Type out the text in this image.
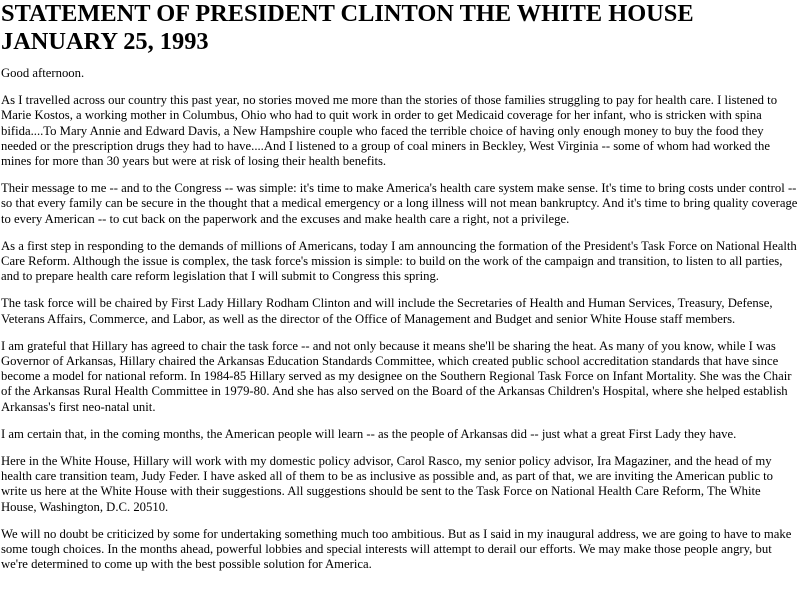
STATEMENT OF PRESIDENT CLINTON THE WHITE HOUSE JANUARY 25, 1993

Good afternoon.

As I travelled across our country this past year, no stories moved me more than the stories of those families struggling to pay for health care. I listened to Marie Kostos, a working mother in Columbus, Ohio who had to quit work in order to get Medicaid coverage for her infant, who is stricken with spina bifida....To Mary Annie and Edward Davis, a New Hampshire couple who faced the terrible choice of having only enough money to buy the food they needed or the prescription drugs they had to have....And I listened to a group of coal miners in Beckley, West Virginia -- some of whom had worked the mines for more than 30 years but were at risk of losing their health benefits.

Their message to me -- and to the Congress -- was simple: it's time to make America's health care system make sense. It's time to bring costs under control -- so that every family can be secure in the thought that a medical emergency or a long illness will not mean bankruptcy. And it's time to bring quality coverage to every American -- to cut back on the paperwork and the excuses and make health care a right, not a privilege.

As a first step in responding to the demands of millions of Americans, today I am announcing the formation of the President's Task Force on National Health Care Reform. Although the issue is complex, the task force's mission is simple: to build on the work of the campaign and transition, to listen to all parties, and to prepare health care reform legislation that I will submit to Congress this spring.

The task force will be chaired by First Lady Hillary Rodham Clinton and will include the Secretaries of Health and Human Services, Treasury, Defense, Veterans Affairs, Commerce, and Labor, as well as the director of the Office of Management and Budget and senior White House staff members.

I am grateful that Hillary has agreed to chair the task force -- and not only because it means she'll be sharing the heat. As many of you know, while I was Governor of Arkansas, Hillary chaired the Arkansas Education Standards Committee, which created public school accreditation standards that have since become a model for national reform. In 1984-85 Hillary served as my designee on the Southern Regional Task Force on Infant Mortality. She was the Chair of the Arkansas Rural Health Committee in 1979-80. And she has also served on the Board of the Arkansas Children's Hospital, where she helped establish Arkansas's first neo-natal unit.

I am certain that, in the coming months, the American people will learn -- as the people of Arkansas did -- just what a great First Lady they have.

Here in the White House, Hillary will work with my domestic policy advisor, Carol Rasco, my senior policy advisor, Ira Magaziner, and the head of my health care transition team, Judy Feder. I have asked all of them to be as inclusive as possible and, as part of that, we are inviting the American public to write us here at the White House with their suggestions. All suggestions should be sent to the Task Force on National Health Care Reform, The White House, Washington, D.C. 20510.

We will no doubt be criticized by some for undertaking something much too ambitious. But as I said in my inaugural address, we are going to have to make some tough choices. In the months ahead, powerful lobbies and special interests will attempt to derail our efforts. We may make those people angry, but we're determined to come up with the best possible solution for America.
